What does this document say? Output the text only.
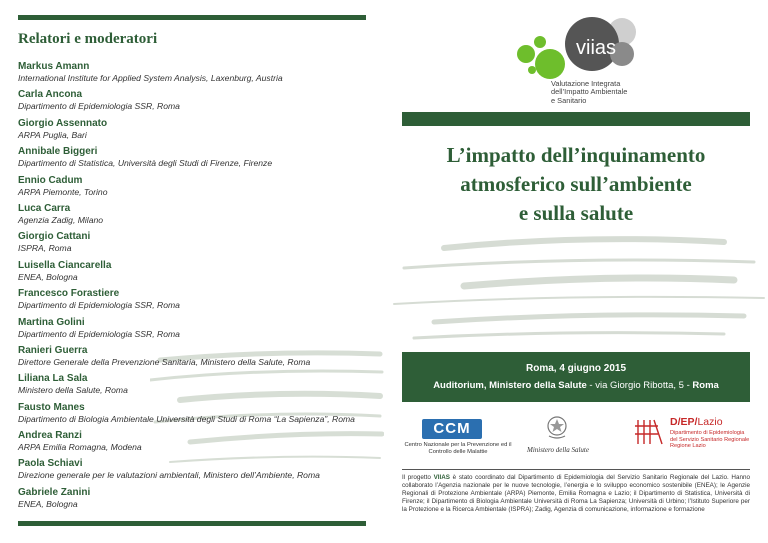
Relatori e moderatori
Markus Amann
International Institute for Applied System Analysis, Laxenburg, Austria
Carla Ancona
Dipartimento di Epidemiologia SSR, Roma
Giorgio Assennato
ARPA Puglia, Bari
Annibale Biggeri
Dipartimento di Statistica, Università degli Studi di Firenze, Firenze
Ennio Cadum
ARPA Piemonte, Torino
Luca Carra
Agenzia Zadig, Milano
Giorgio Cattani
ISPRA, Roma
Luisella Ciancarella
ENEA, Bologna
Francesco Forastiere
Dipartimento di Epidemiologia SSR, Roma
Martina Golini
Dipartimento di Epidemiologia SSR, Roma
Ranieri Guerra
Direttore Generale della Prevenzione Sanitaria, Ministero della Salute, Roma
Liliana La Sala
Ministero della Salute, Roma
Fausto Manes
Dipartimento di Biologia Ambientale Università degli Studi di Roma “La Sapienza”, Roma
Andrea Ranzi
ARPA Emilia Romagna, Modena
Paola Schiavi
Direzione generale per le valutazioni ambientali, Ministero dell’Ambiente, Roma
Gabriele Zanini
ENEA, Bologna
viias
Valutazione Integrata
dell’Impatto Ambientale
e Sanitario
L’impatto dell’inquinamento
atmosferico sull’ambiente
e sulla salute
Roma, 4 giugno 2015
Auditorium, Ministero della Salute - via Giorgio Ribotta, 5 - Roma
CCM
Centro Nazionale per la Prevenzione ed il Controllo delle Malattie	Ministero della Salute
D/EP/Lazio
Dipartimento di Epidemiologia
del Servizio Sanitario Regionale
Regione Lazio
Il progetto VIIAS è stato coordinato dal Dipartimento di Epidemiologia del Servizio Sanitario Regionale del Lazio. Hanno collaborato l’Agenzia nazionale per le nuove tecnologie, l’energia e lo sviluppo economico sostenibile (ENEA); le Agenzie Regionali di Protezione Ambientale (ARPA) Piemonte, Emilia Romagna e Lazio; il Dipartimento di Statistica, Università di Firenze; il Dipartimento di Biologia Ambientale Università di Roma La Sapienza; Università di Urbino; l’Istituto Superiore per la Protezione e la Ricerca Ambientale (ISPRA); Zadig, Agenzia di comunicazione, informazione e formazione
